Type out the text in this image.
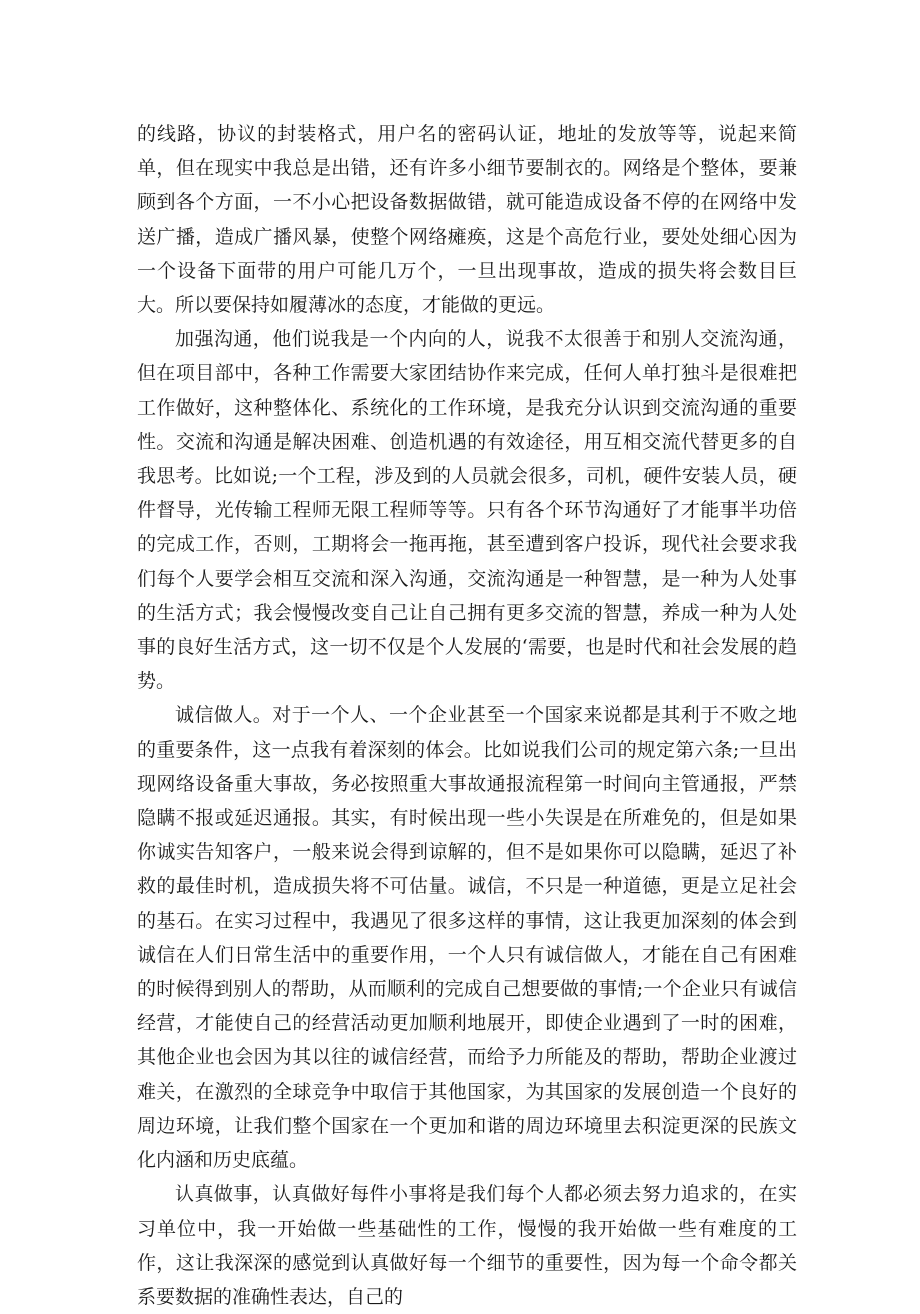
的线路，协议的封装格式，用户名的密码认证，地址的发放等等，说起来简单，但在现实中我总是出错，还有许多小细节要制衣的。网络是个整体，要兼顾到各个方面，一不小心把设备数据做错，就可能造成设备不停的在网络中发送广播，造成广播风暴，使整个网络瘫痪，这是个高危行业，要处处细心因为一个设备下面带的用户可能几万个，一旦出现事故，造成的损失将会数目巨大。所以要保持如履薄冰的态度，才能做的更远。

加强沟通，他们说我是一个内向的人，说我不太很善于和别人交流沟通，但在项目部中，各种工作需要大家团结协作来完成，任何人单打独斗是很难把工作做好，这种整体化、系统化的工作环境，是我充分认识到交流沟通的重要性。交流和沟通是解决困难、创造机遇的有效途径，用互相交流代替更多的自我思考。比如说;一个工程，涉及到的人员就会很多，司机，硬件安装人员，硬件督导，光传输工程师无限工程师等等。只有各个环节沟通好了才能事半功倍的完成工作，否则，工期将会一拖再拖，甚至遭到客户投诉，现代社会要求我们每个人要学会相互交流和深入沟通，交流沟通是一种智慧，是一种为人处事的生活方式；我会慢慢改变自己让自己拥有更多交流的智慧，养成一种为人处事的良好生活方式，这一切不仅是个人发展的‘需要，也是时代和社会发展的趋势。

诚信做人。对于一个人、一个企业甚至一个国家来说都是其利于不败之地的重要条件，这一点我有着深刻的体会。比如说我们公司的规定第六条;一旦出现网络设备重大事故，务必按照重大事故通报流程第一时间向主管通报，严禁隐瞒不报或延迟通报。其实，有时候出现一些小失误是在所难免的，但是如果你诚实告知客户，一般来说会得到谅解的，但不是如果你可以隐瞒，延迟了补救的最佳时机，造成损失将不可估量。诚信，不只是一种道德，更是立足社会的基石。在实习过程中，我遇见了很多这样的事情，这让我更加深刻的体会到诚信在人们日常生活中的重要作用，一个人只有诚信做人，才能在自己有困难的时候得到别人的帮助，从而顺利的完成自己想要做的事情;一个企业只有诚信经营，才能使自己的经营活动更加顺利地展开，即使企业遇到了一时的困难，其他企业也会因为其以往的诚信经营，而给予力所能及的帮助，帮助企业渡过难关，在激烈的全球竞争中取信于其他国家，为其国家的发展创造一个良好的周边环境，让我们整个国家在一个更加和谐的周边环境里去积淀更深的民族文化内涵和历史底蕴。

认真做事，认真做好每件小事将是我们每个人都必须去努力追求的，在实习单位中，我一开始做一些基础性的工作，慢慢的我开始做一些有难度的工作，这让我深深的感觉到认真做好每一个细节的重要性，因为每一个命令都关系要数据的准确性表达，自己的
